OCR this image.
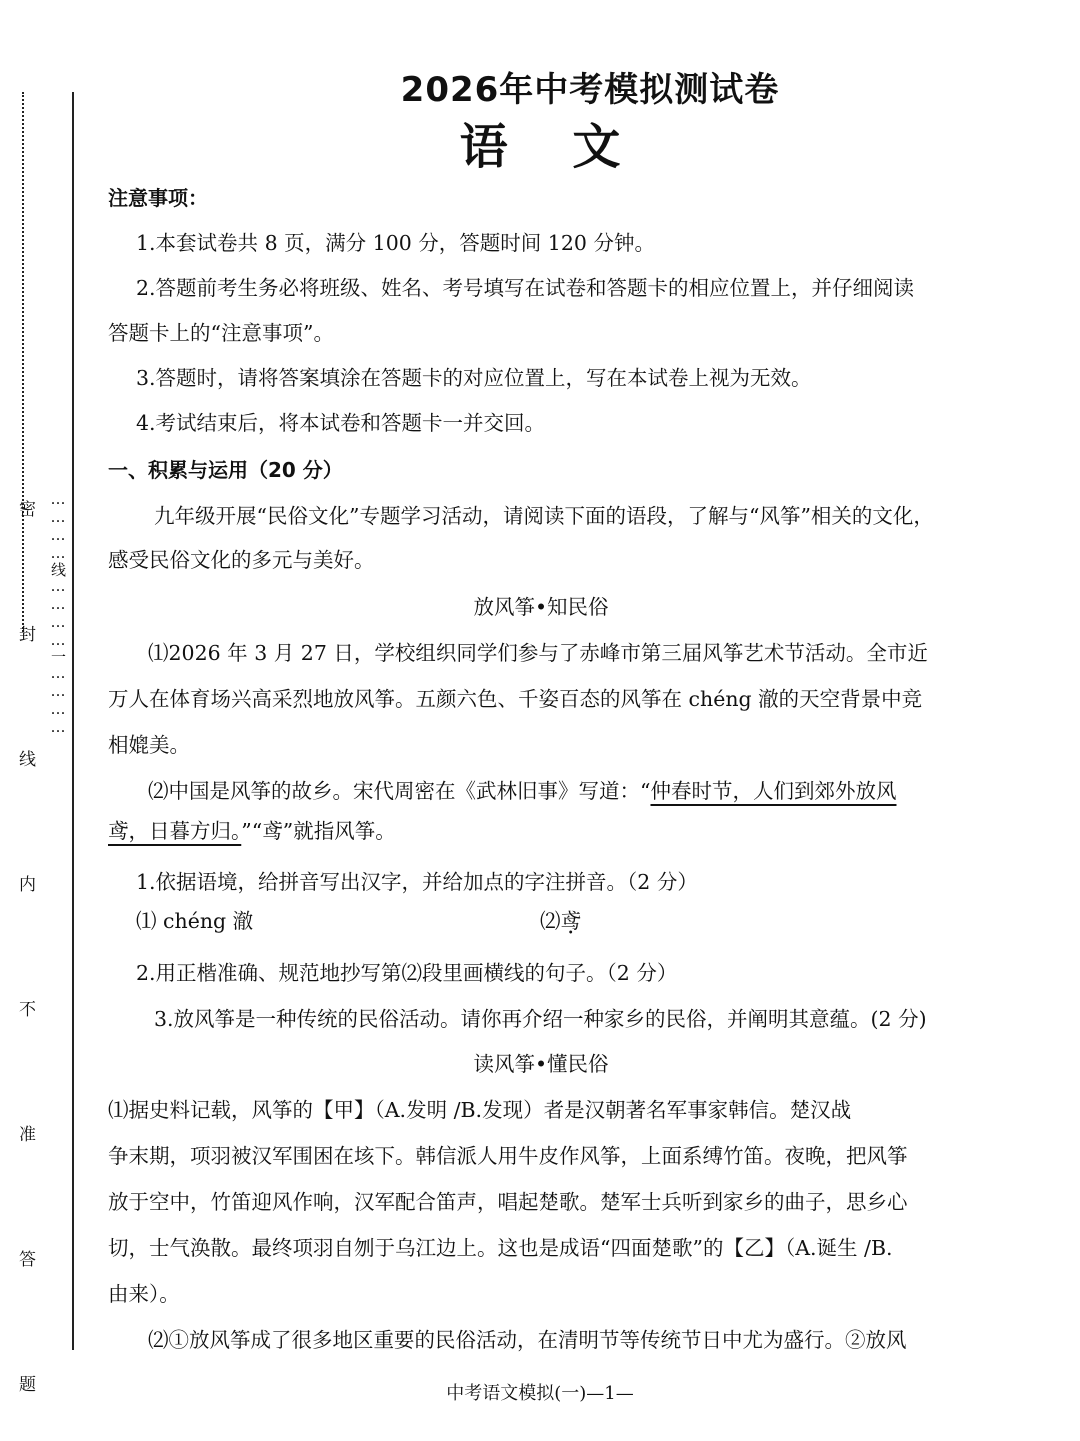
密 封 线 内 不 准 答 题 …………线…………一…………
2026年中考模拟测试卷
语 文
注意事项：
1.本套试卷共 8 页，满分 100 分，答题时间 120 分钟。
2.答题前考生务必将班级、姓名、考号填写在试卷和答题卡的相应位置上，并仔细阅读
答题卡上的“注意事项”。
3.答题时，请将答案填涂在答题卡的对应位置上，写在本试卷上视为无效。
4.考试结束后，将本试卷和答题卡一并交回。
一、积累与运用（20 分）
九年级开展“民俗文化”专题学习活动，请阅读下面的语段，了解与“风筝”相关的文化，
感受民俗文化的多元与美好。
放风筝•知民俗
⑴2026 年 3 月 27 日，学校组织同学们参与了赤峰市第三届风筝艺术节活动。全市近
万人在体育场兴高采烈地放风筝。五颜六色、千姿百态的风筝在 chéng 澈的天空背景中竞
相媲美。
⑵中国是风筝的故乡。宋代周密在《武林旧事》写道：“仲春时节，人们到郊外放风
鸢，日暮方归。”“鸢”就指风筝。
1.依据语境，给拼音写出汉字，并给加点的字注拼音。（2 分）
⑴ chéng 澈	⑵鸢
2.用正楷准确、规范地抄写第⑵段里画横线的句子。（2 分）
3.放风筝是一种传统的民俗活动。请你再介绍一种家乡的民俗，并阐明其意蕴。(2 分)
读风筝•懂民俗
⑴据史料记载，风筝的【甲】（A.发明 /B.发现）者是汉朝著名军事家韩信。楚汉战
争末期，项羽被汉军围困在垓下。韩信派人用牛皮作风筝，上面系缚竹笛。夜晚，把风筝
放于空中，竹笛迎风作响，汉军配合笛声，唱起楚歌。楚军士兵听到家乡的曲子，思乡心
切，士气涣散。最终项羽自刎于乌江边上。这也是成语“四面楚歌”的【乙】（A.诞生 /B.
由来）。
⑵①放风筝成了很多地区重要的民俗活动，在清明节等传统节日中尤为盛行。②放风
中考语文模拟(一)—1—
